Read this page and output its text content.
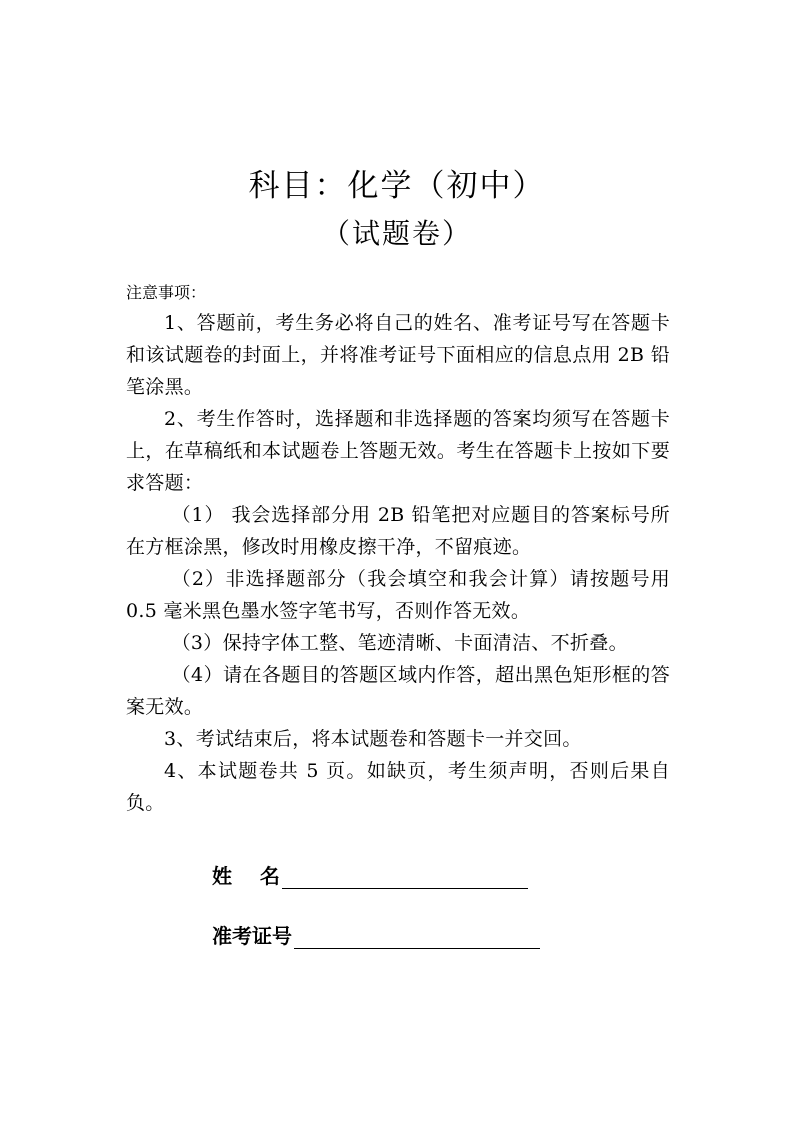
科目：化学（初中）
（试题卷）
注意事项：

1、答题前，考生务必将自己的姓名、准考证号写在答题卡和该试题卷的封面上，并将准考证号下面相应的信息点用 2B 铅笔涂黑。

2、考生作答时，选择题和非选择题的答案均须写在答题卡上，在草稿纸和本试题卷上答题无效。考生在答题卡上按如下要求答题：

（1） 我会选择部分用 2B 铅笔把对应题目的答案标号所在方框涂黑，修改时用橡皮擦干净，不留痕迹。

（2）非选择题部分（我会填空和我会计算）请按题号用 0.5 毫米黑色墨水签字笔书写，否则作答无效。

（3）保持字体工整、笔迹清晰、卡面清洁、不折叠。

（4）请在各题目的答题区域内作答，超出黑色矩形框的答案无效。

3、考试结束后，将本试题卷和答题卡一并交回。

4、本试题卷共 5 页。如缺页，考生须声明，否则后果自负。

姓    名
准考证号
